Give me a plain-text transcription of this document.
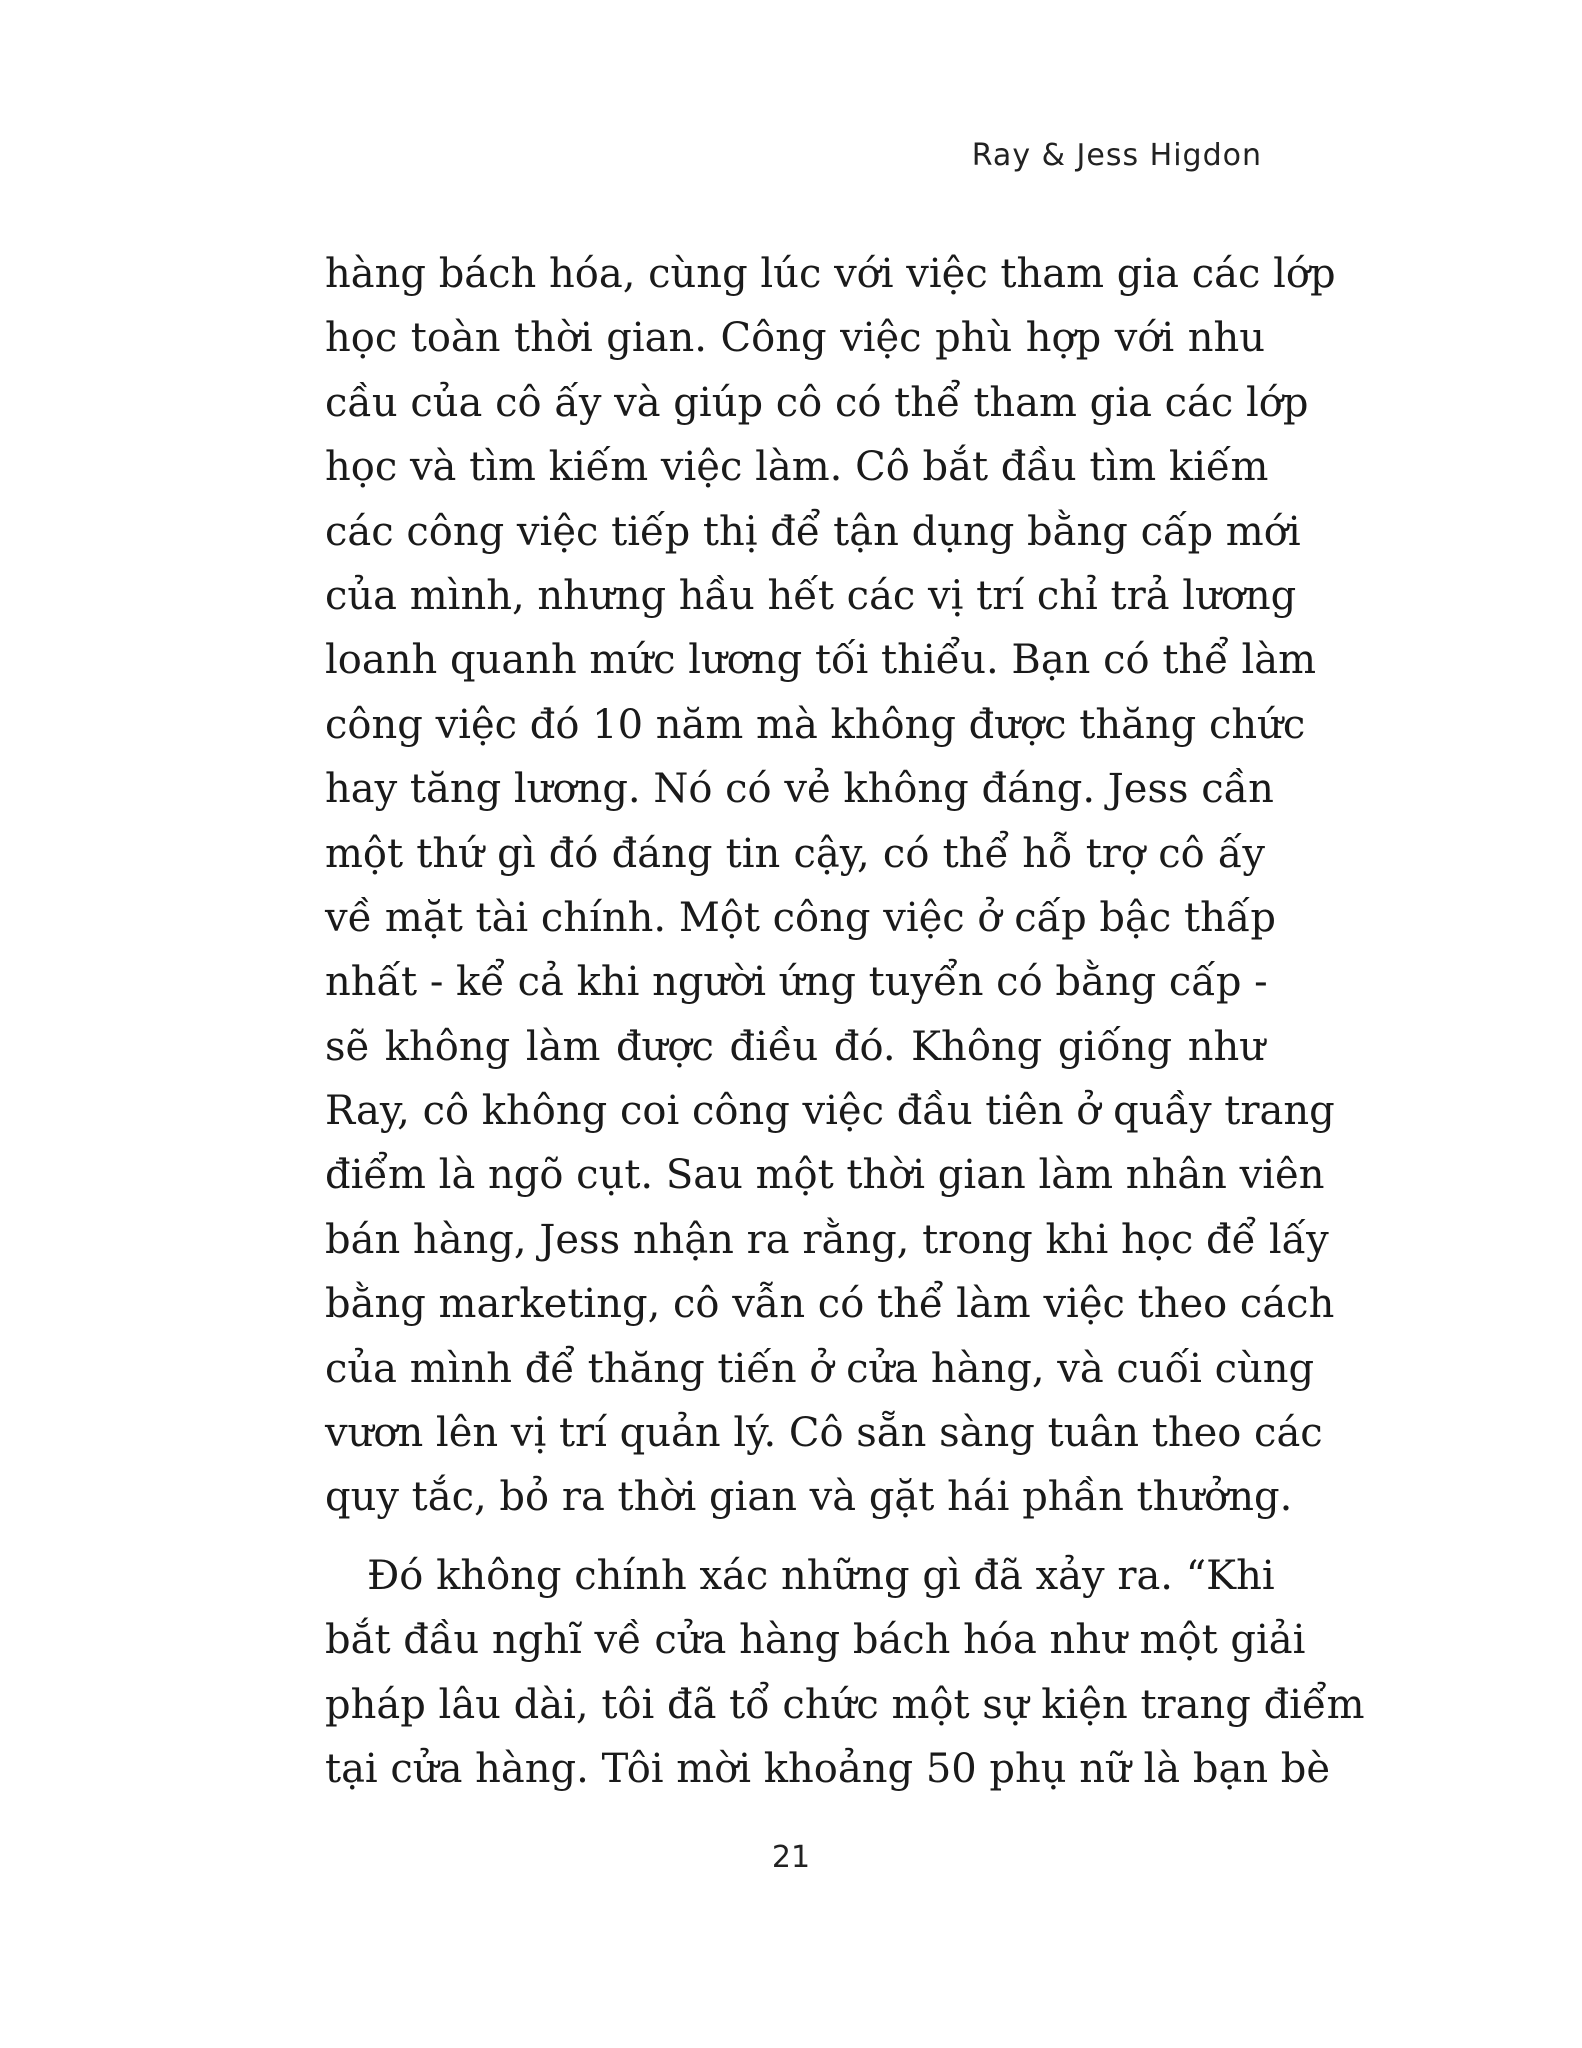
Ray & Jess Higdon
hàng bách hóa, cùng lúc với việc tham gia các lớp
học toàn thời gian. Công việc phù hợp với nhu
cầu của cô ấy và giúp cô có thể tham gia các lớp
học và tìm kiếm việc làm. Cô bắt đầu tìm kiếm
các công việc tiếp thị để tận dụng bằng cấp mới
của mình, nhưng hầu hết các vị trí chỉ trả lương
loanh quanh mức lương tối thiểu. Bạn có thể làm
công việc đó 10 năm mà không được thăng chức
hay tăng lương. Nó có vẻ không đáng. Jess cần
một thứ gì đó đáng tin cậy, có thể hỗ trợ cô ấy
về mặt tài chính. Một công việc ở cấp bậc thấp
nhất - kể cả khi người ứng tuyển có bằng cấp -
sẽ không làm được điều đó. Không giống như
Ray, cô không coi công việc đầu tiên ở quầy trang
điểm là ngõ cụt. Sau một thời gian làm nhân viên
bán hàng, Jess nhận ra rằng, trong khi học để lấy
bằng marketing, cô vẫn có thể làm việc theo cách
của mình để thăng tiến ở cửa hàng, và cuối cùng
vươn lên vị trí quản lý. Cô sẵn sàng tuân theo các
quy tắc, bỏ ra thời gian và gặt hái phần thưởng.
Đó không chính xác những gì đã xảy ra. “Khi
bắt đầu nghĩ về cửa hàng bách hóa như một giải
pháp lâu dài, tôi đã tổ chức một sự kiện trang điểm
tại cửa hàng. Tôi mời khoảng 50 phụ nữ là bạn bè
21
